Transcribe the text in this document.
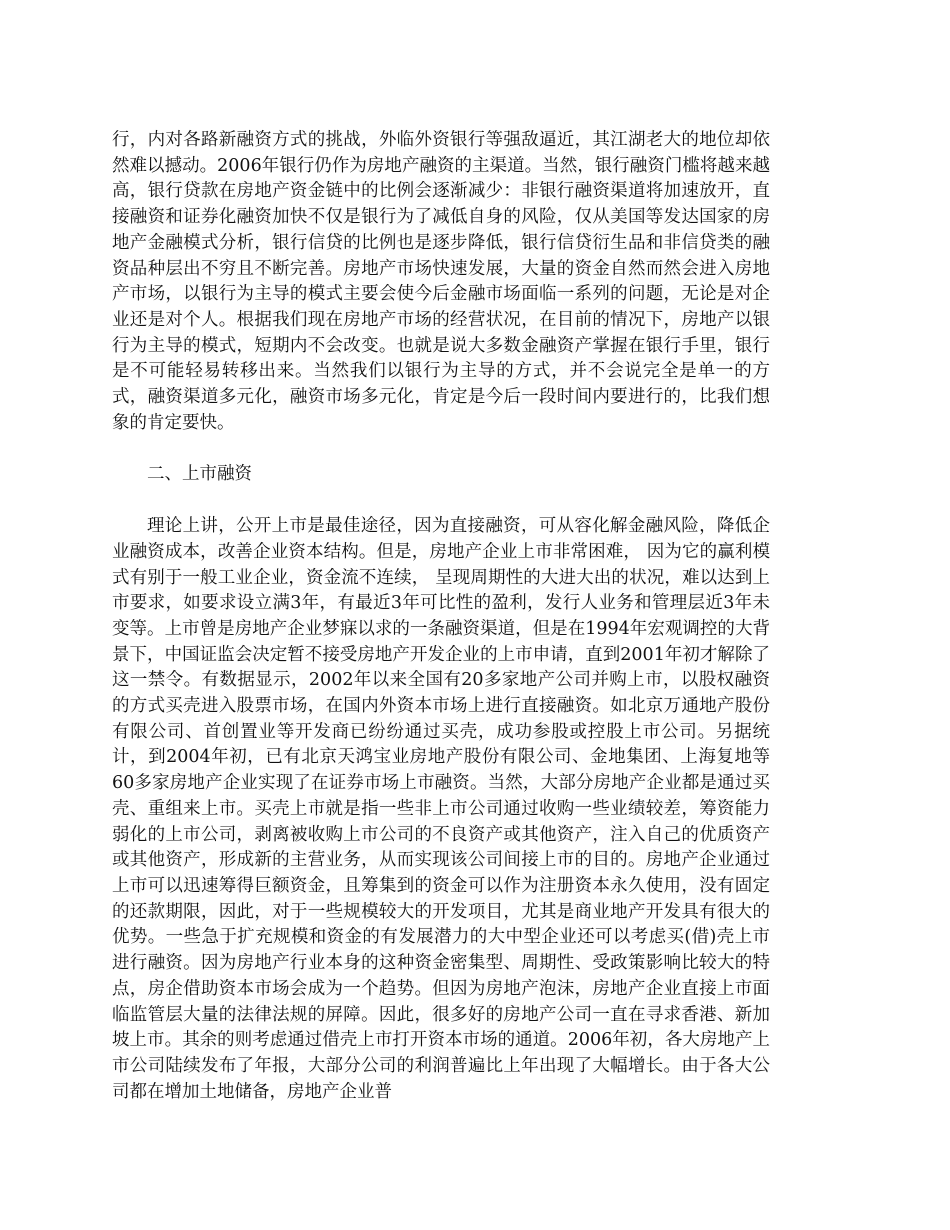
行，内对各路新融资方式的挑战，外临外资银行等强敌逼近，其江湖老大的地位却依然难以撼动。2006年银行仍作为房地产融资的主渠道。当然，银行融资门槛将越来越高，银行贷款在房地产资金链中的比例会逐渐减少：非银行融资渠道将加速放开，直接融资和证券化融资加快不仅是银行为了减低自身的风险，仅从美国等发达国家的房地产金融模式分析，银行信贷的比例也是逐步降低，银行信贷衍生品和非信贷类的融资品种层出不穷且不断完善。房地产市场快速发展，大量的资金自然而然会进入房地产市场，以银行为主导的模式主要会使今后金融市场面临一系列的问题，无论是对企业还是对个人。根据我们现在房地产市场的经营状况，在目前的情况下，房地产以银行为主导的模式，短期内不会改变。也就是说大多数金融资产掌握在银行手里，银行是不可能轻易转移出来。当然我们以银行为主导的方式，并不会说完全是单一的方式，融资渠道多元化，融资市场多元化，肯定是今后一段时间内要进行的，比我们想象的肯定要快。

二、上市融资

理论上讲，公开上市是最佳途径，因为直接融资，可从容化解金融风险，降低企业融资成本，改善企业资本结构。但是，房地产企业上市非常困难， 因为它的赢利模式有别于一般工业企业，资金流不连续， 呈现周期性的大进大出的状况，难以达到上市要求，如要求设立满3年，有最近3年可比性的盈利，发行人业务和管理层近3年未变等。上市曾是房地产企业梦寐以求的一条融资渠道，但是在1994年宏观调控的大背景下，中国证监会决定暂不接受房地产开发企业的上市申请，直到2001年初才解除了这一禁令。有数据显示，2002年以来全国有20多家地产公司并购上市，以股权融资的方式买壳进入股票市场，在国内外资本市场上进行直接融资。如北京万通地产股份有限公司、首创置业等开发商已纷纷通过买壳，成功参股或控股上市公司。另据统计，到2004年初，已有北京天鸿宝业房地产股份有限公司、金地集团、上海复地等60多家房地产企业实现了在证券市场上市融资。当然，大部分房地产企业都是通过买壳、重组来上市。买壳上市就是指一些非上市公司通过收购一些业绩较差，筹资能力弱化的上市公司，剥离被收购上市公司的不良资产或其他资产，注入自己的优质资产或其他资产，形成新的主营业务，从而实现该公司间接上市的目的。房地产企业通过上市可以迅速筹得巨额资金，且筹集到的资金可以作为注册资本永久使用，没有固定的还款期限，因此，对于一些规模较大的开发项目，尤其是商业地产开发具有很大的优势。一些急于扩充规模和资金的有发展潜力的大中型企业还可以考虑买(借)壳上市进行融资。因为房地产行业本身的这种资金密集型、周期性、受政策影响比较大的特点，房企借助资本市场会成为一个趋势。但因为房地产泡沫，房地产企业直接上市面临监管层大量的法律法规的屏障。因此，很多好的房地产公司一直在寻求香港、新加坡上市。其余的则考虑通过借壳上市打开资本市场的通道。2006年初，各大房地产上市公司陆续发布了年报，大部分公司的利润普遍比上年出现了大幅增长。由于各大公司都在增加土地储备，房地产企业普
